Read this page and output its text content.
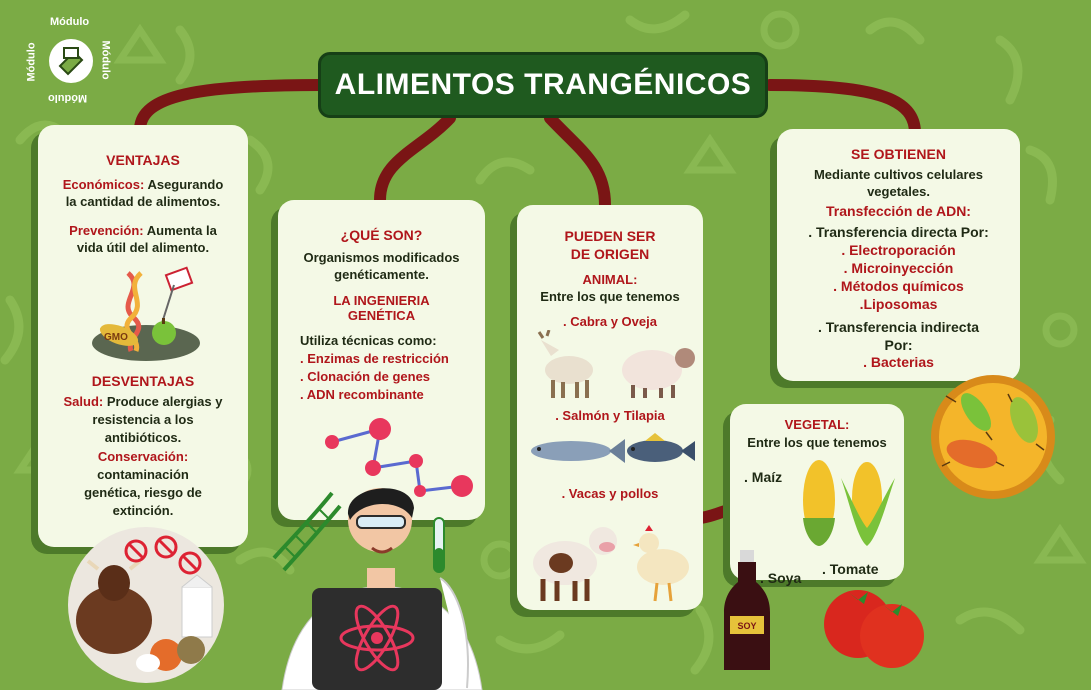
Módulo
Módulo
Módulo
Módulo
ALIMENTOS TRANGÉNICOS
VENTAJAS
Económicos: Asegurando
la cantidad de alimentos.
Prevención: Aumenta la
vida útil del alimento.
GMO
DESVENTAJAS
Salud: Produce alergias y
resistencia a los
antibióticos.
Conservación:
contaminación
genética, riesgo de
extinción.
¿QUÉ SON?
Organismos modificados
genéticamente.
LA INGENIERIA
GENÉTICA
Utiliza técnicas como:
. Enzimas de restricción
. Clonación de genes
. ADN recombinante
PUEDEN SER
DE ORIGEN
ANIMAL:
Entre los que tenemos
. Cabra y Oveja
. Salmón y Tilapia
. Vacas y pollos
SE OBTIENEN
Mediante cultivos celulares
vegetales.
Transfección de ADN:
. Transferencia directa Por:
. Electroporación
. Microinyección
. Métodos químicos
.Liposomas
. Transferencia indirecta
Por:
. Bacterias
VEGETAL:
Entre los que tenemos
. Maíz
. Soya
. Tomate
SOY
